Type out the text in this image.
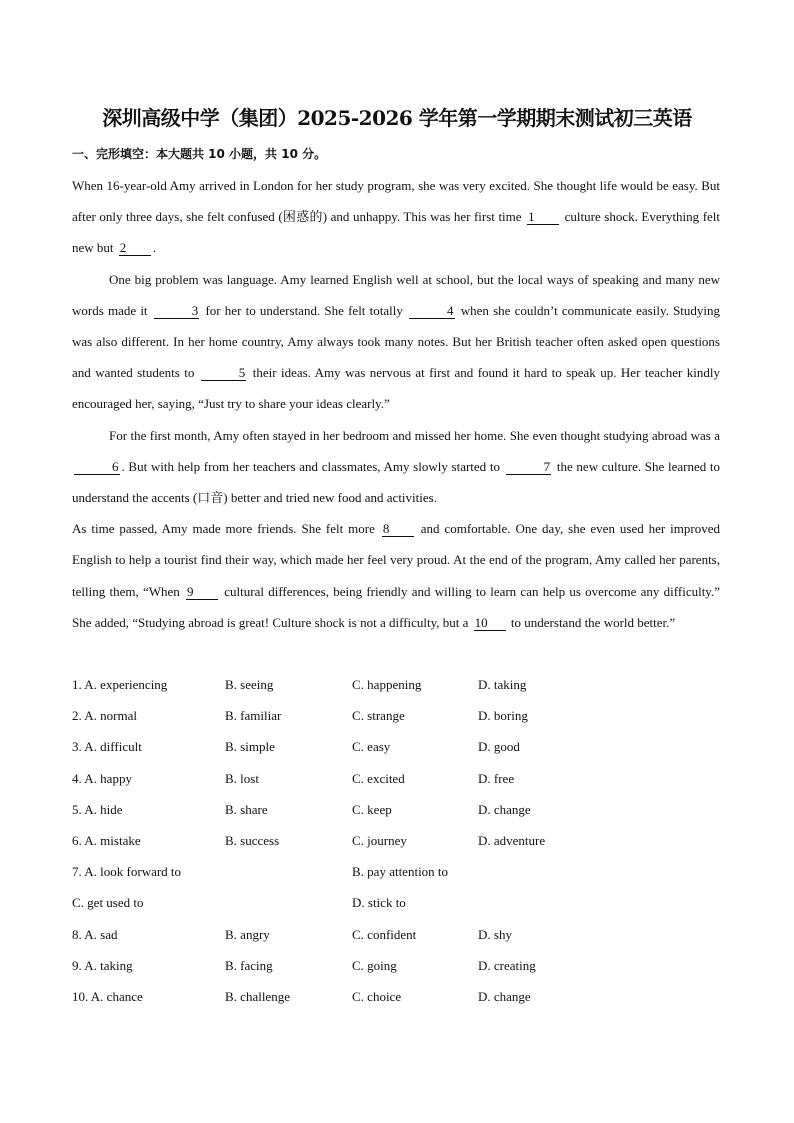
深圳高级中学（集团）2025-2026 学年第一学期期末测试初三英语
一、完形填空：本大题共 10 小题，共 10 分。

When 16-year-old Amy arrived in London for her study program, she was very excited. She thought life would be easy. But after only three days, she felt confused (困惑的) and unhappy. This was her first time 1 culture shock. Everything felt new but 2 .

One big problem was language. Amy learned English well at school, but the local ways of speaking and many new words made it	3 for her to understand. She felt totally	4 when she couldn’t communicate easily. Studying was also different. In her home country, Amy always took many notes. But her British teacher often asked open questions and wanted students to	5 their ideas. Amy was nervous at first and found it hard to speak up. Her teacher kindly encouraged her, saying, “Just try to share your ideas clearly.”

For the first month, Amy often stayed in her bedroom and missed her home. She even thought studying abroad was a 6 . But with help from her teachers and classmates, Amy slowly started to	7 the new culture. She learned to understand the accents (口音) better and tried new food and activities.

As time passed, Amy made more friends. She felt more 8 and comfortable. One day, she even used her improved English to help a tourist find their way, which made her feel very proud. At the end of the program, Amy called her parents, telling them, “When 9 cultural differences, being friendly and willing to learn can help us overcome any difficulty.” She added, “Studying abroad is great! Culture shock is not a difficulty, but a 10 to understand the world better.”

1. A. experiencing	B. seeing	C. happening	D. taking
2. A. normal	B. familiar	C. strange	D. boring
3. A. difficult	B. simple	C. easy	D. good
4. A. happy	B. lost	C. excited	D. free
5. A. hide	B. share	C. keep	D. change
6. A. mistake	B. success	C. journey	D. adventure
7. A. look forward to	B. pay attention to
C. get used to	D. stick to
8. A. sad	B. angry	C. confident	D. shy
9. A. taking	B. facing	C. going	D. creating
10. A. chance	B. challenge	C. choice	D. change
